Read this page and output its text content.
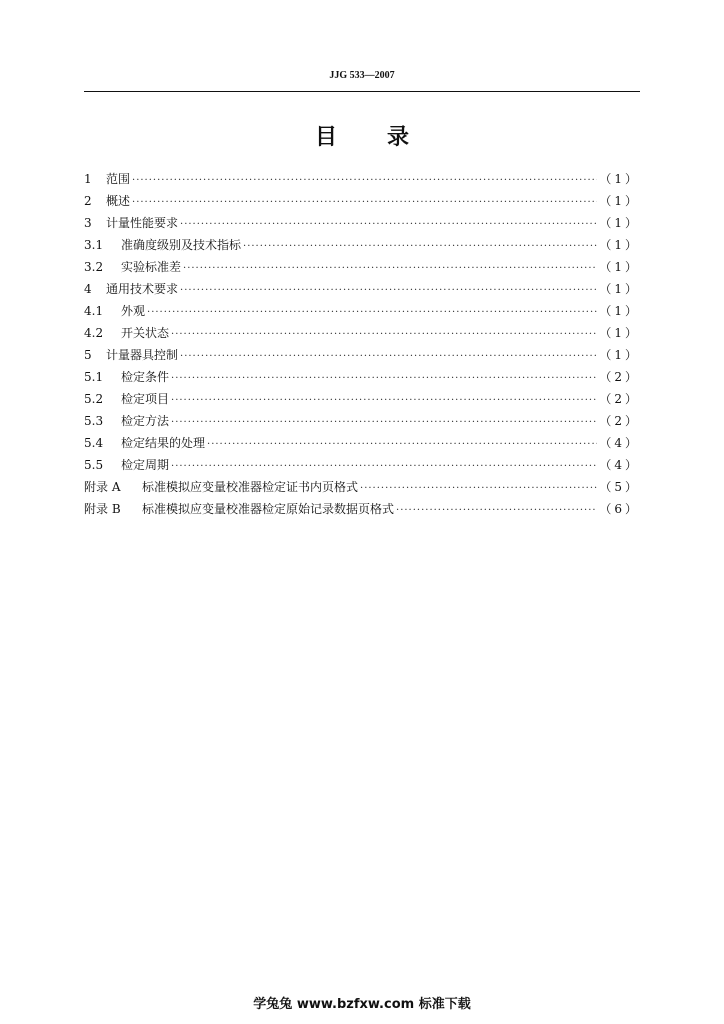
JJG 533—2007
目录
1	范围 ·····	（1）
2	概述 ·····	（1）
3	计量性能要求 ·····	（1）
3.1	准确度级别及技术指标 ·····	（1）
3.2	实验标准差 ·····	（1）
4	通用技术要求 ·····	（1）
4.1	外观 ·····	（1）
4.2	开关状态 ·····	（1）
5	计量器具控制 ·····	（1）
5.1	检定条件 ·····	（2）
5.2	检定项目 ·····	（2）
5.3	检定方法 ·····	（2）
5.4	检定结果的处理 ·····	（4）
5.5	检定周期 ·····	（4）
附录 A	标准模拟应变量校准器检定证书内页格式 ·····	（5）
附录 B	标准模拟应变量校准器检定原始记录数据页格式 ·····	（6）
学兔兔 www.bzfxw.com 标准下载
